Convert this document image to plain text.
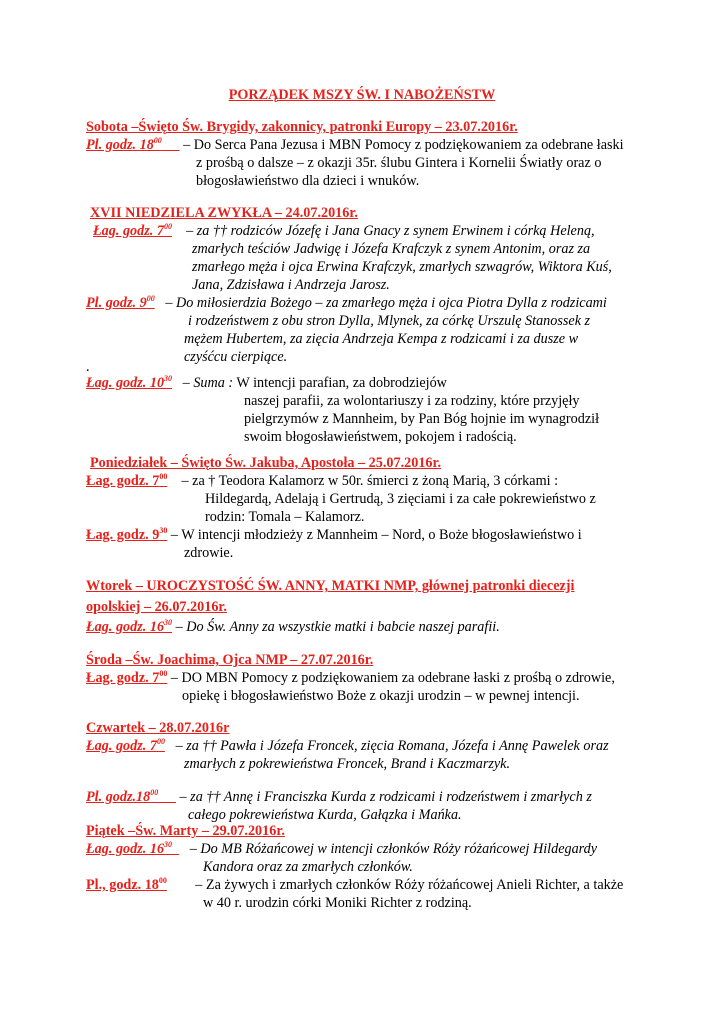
PORZĄDEK MSZY ŚW. I NABOŻEŃSTW
Sobota –Święto Św. Brygidy, zakonnicy, patronki Europy – 23.07.2016r.
Pl. godz. $18^{00}$ – Do Serca Pana Jezusa i MBN Pomocy z podziękowaniem za odebrane łaski
z prośbą o dalsze – z okazji 35r. ślubu Gintera i Kornelii Światły oraz o
błogosławieństwo dla dzieci i wnuków.
XVII NIEDZIELA ZWYKŁA – 24.07.2016r.
Łag. godz. $7^{00}$ – za †† rodziców Józefę i Jana Gnacy z synem Erwinem i córką Heleną,
zmarłych teściów Jadwigę i Józefa Krafczyk z synem Antonim, oraz za
zmarłego męża i ojca Erwina Krafczyk, zmarłych szwagrów, Wiktora Kuś,
Jana, Zdzisława i Andrzeja Jarosz.
Pl. godz. $9^{00}$ – Do miłosierdzia Bożego – za zmarłego męża i ojca Piotra Dylla z rodzicami
i rodzeństwem z obu stron Dylla, Mlynek, za córkę Urszulę Stanossek z
mężem Hubertem, za zięcia Andrzeja Kempa z rodzicami i za dusze w
czyśćcu cierpiące.
.
Łag. godz. $10^{30}$ – Suma : W intencji parafian, za dobrodziejów
naszej parafii, za wolontariuszy i za rodziny, które przyjęły
pielgrzymów z Mannheim, by Pan Bóg hojnie im wynagrodził
swoim błogosławieństwem, pokojem i radością.
Poniedziałek – Święto Św. Jakuba, Apostoła – 25.07.2016r.
Łag. godz. $7^{00}$ – za † Teodora Kalamorz w 50r. śmierci z żoną Marią, 3 córkami :
Hildegardą, Adelają i Gertrudą, 3 zięciami i za całe pokrewieństwo z
rodzin: Tomala – Kalamorz.
Łag. godz. $9^{30}$ – W intencji młodzieży z Mannheim – Nord, o Boże błogosławieństwo i
zdrowie.
Wtorek – UROCZYSTOŚĆ ŚW. ANNY, MATKI NMP, głównej patronki diecezji
opolskiej – 26.07.2016r.
Łag. godz. $16^{30}$ – Do Św. Anny za wszystkie matki i babcie naszej parafii.
Środa –Św. Joachima, Ojca NMP – 27.07.2016r.
Łag. godz. $7^{00}$ – DO MBN Pomocy z podziękowaniem za odebrane łaski z prośbą o zdrowie,
opiekę i błogosławieństwo Boże z okazji urodzin – w pewnej intencji.
Czwartek – 28.07.2016r
Łag. godz. $7^{00}$ – za †† Pawła i Józefa Froncek, zięcia Romana, Józefa i Annę Pawelek oraz
zmarłych z pokrewieństwa Froncek, Brand i Kaczmarzyk.
Pl. $godz.18^{00}$ – za †† Annę i Franciszka Kurda z rodzicami i rodzeństwem i zmarłych z
całego pokrewieństwa Kurda, Gałązka i Mańka.
Piątek –Św. Marty – 29.07.2016r.
Łag. godz. $16^{30}$ – Do MB Różańcowej w intencji członków Róży różańcowej Hildegardy
Kandora oraz za zmarłych członków.
Pl., godz. $18^{00}$ – Za żywych i zmarłych członków Róży różańcowej Anieli Richter, a także
w 40 r. urodzin córki Moniki Richter z rodziną.
